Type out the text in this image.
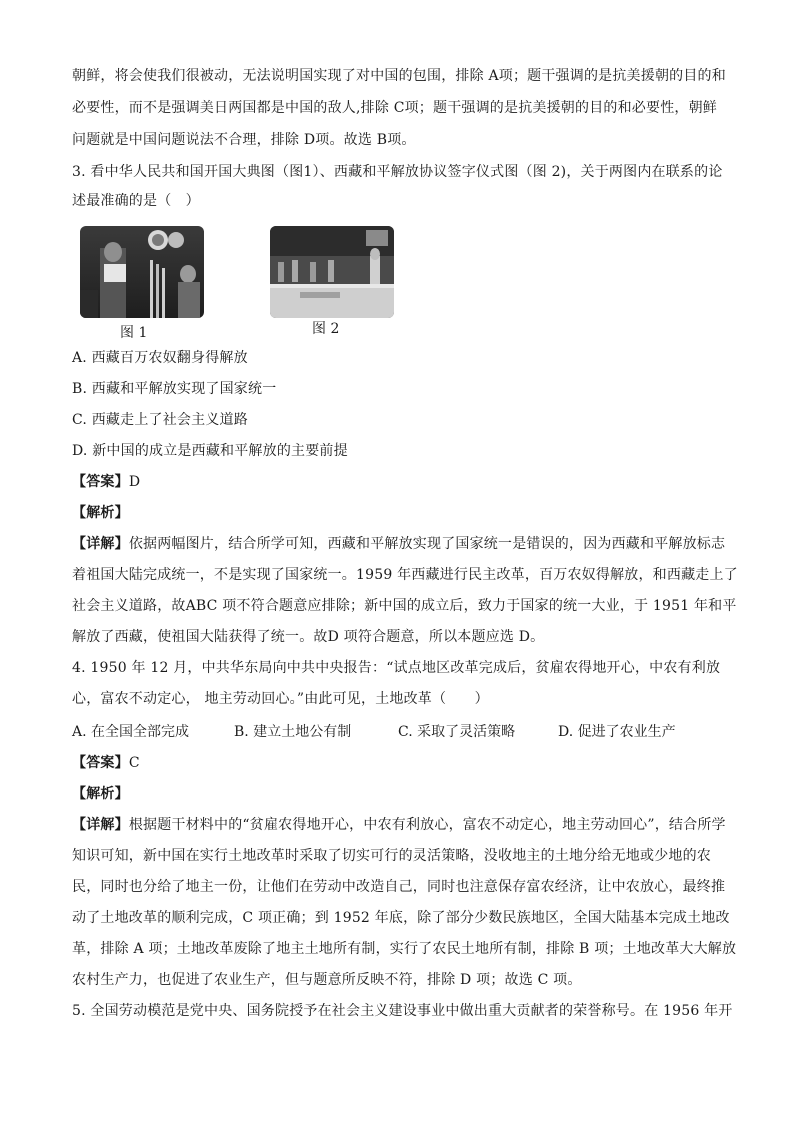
朝鲜，将会使我们很被动，无法说明国实现了对中国的包围，排除 A项；题干强调的是抗美援朝的目的和
必要性，而不是强调美日两国都是中国的敌人,排除 C项；题干强调的是抗美援朝的目的和必要性，朝鲜
问题就是中国问题说法不合理，排除 D项。故选 B项。
3. 看中华人民共和国开国大典图（图1）、西藏和平解放协议签字仪式图（图 2)，关于两图内在联系的论
述最准确的是（　）
图 1	图 2
A. 西藏百万农奴翻身得解放
B. 西藏和平解放实现了国家统一
C. 西藏走上了社会主义道路
D. 新中国的成立是西藏和平解放的主要前提
【答案】D
【解析】
【详解】依据两幅图片，结合所学可知，西藏和平解放实现了国家统一是错误的，因为西藏和平解放标志
着祖国大陆完成统一，不是实现了国家统一。1959 年西藏进行民主改革，百万农奴得解放，和西藏走上了
社会主义道路，故ABC 项不符合题意应排除；新中国的成立后，致力于国家的统一大业，于 1951 年和平
解放了西藏，使祖国大陆获得了统一。故D 项符合题意，所以本题应选 D。
4. 1950 年 12 月，中共华东局向中共中央报告：“试点地区改革完成后，贫雇农得地开心，中农有利放
心，富农不动定心， 地主劳动回心。”由此可见，土地改革（　　）
A. 在全国全部完成	B. 建立土地公有制	C. 采取了灵活策略	D. 促进了农业生产
【答案】C
【解析】
【详解】根据题干材料中的“贫雇农得地开心，中农有利放心，富农不动定心，地主劳动回心”，结合所学
知识可知，新中国在实行土地改革时采取了切实可行的灵活策略，没收地主的土地分给无地或少地的农
民，同时也分给了地主一份，让他们在劳动中改造自己，同时也注意保存富农经济，让中农放心，最终推
动了土地改革的顺利完成，C 项正确；到 1952 年底，除了部分少数民族地区，全国大陆基本完成土地改
革，排除 A 项；土地改革废除了地主土地所有制，实行了农民土地所有制，排除 B 项；土地改革大大解放
农村生产力，也促进了农业生产，但与题意所反映不符，排除 D 项；故选 C 项。
5. 全国劳动模范是党中央、国务院授予在社会主义建设事业中做出重大贡献者的荣誉称号。在 1956 年开
